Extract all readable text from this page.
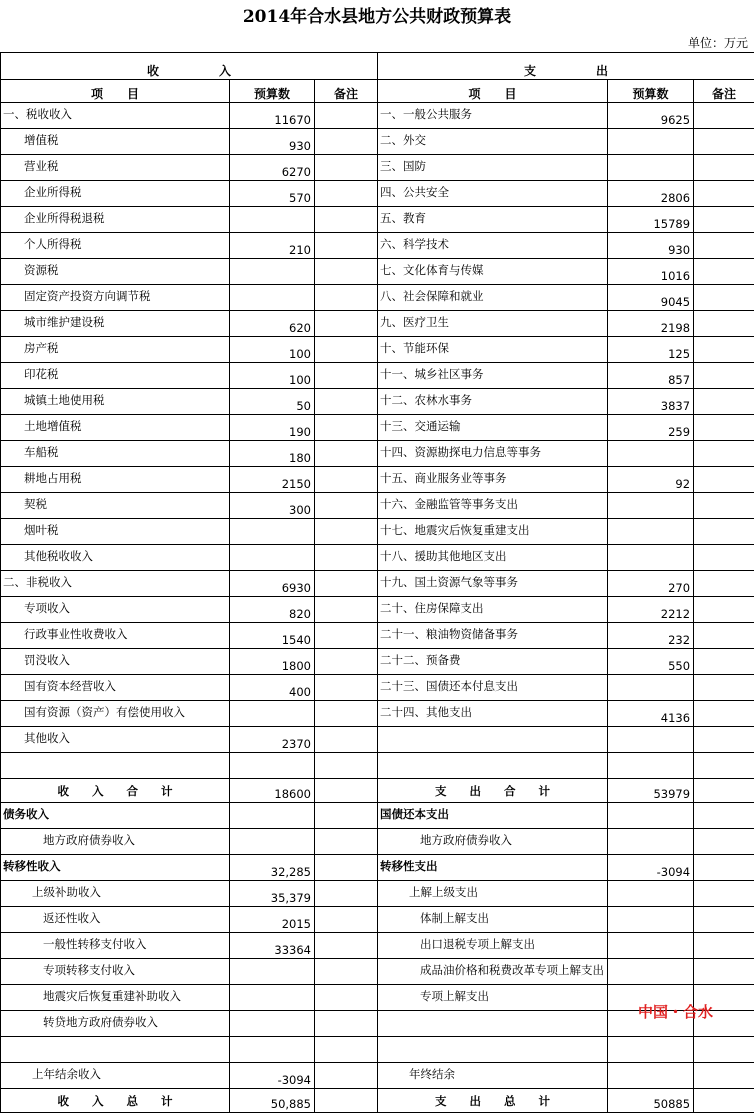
2014年合水县地方公共财政预算表
单位：万元
收　　　　　入			支　　　　　出		
项　　目	预算数	备注	项　　目	预算数	备注
一、税收收入	11670		一、一般公共服务	9625	
增值税	930		二、外交		
营业税	6270		三、国防		
企业所得税	570		四、公共安全	2806	
企业所得税退税			五、教育	15789	
个人所得税	210		六、科学技术	930	
资源税			七、文化体育与传媒	1016	
固定资产投资方向调节税			八、社会保障和就业	9045	
城市维护建设税	620		九、医疗卫生	2198	
房产税	100		十、节能环保	125	
印花税	100		十一、城乡社区事务	857	
城镇土地使用税	50		十二、农林水事务	3837	
土地增值税	190		十三、交通运输	259	
车船税	180		十四、资源勘探电力信息等事务		
耕地占用税	2150		十五、商业服务业等事务	92	
契税	300		十六、金融监管等事务支出		
烟叶税			十七、地震灾后恢复重建支出		
其他税收收入			十八、援助其他地区支出		
二、非税收入	6930		十九、国土资源气象等事务	270	
专项收入	820		二十、住房保障支出	2212	
行政事业性收费收入	1540		二十一、粮油物资储备事务	232	
罚没收入	1800		二十二、预备费	550	
国有资本经营收入	400		二十三、国债还本付息支出		
国有资源（资产）有偿使用收入			二十四、其他支出	4136	
其他收入	2370				

收　　入　　合　　计	18600		支　　出　　合　　计	53979	
债务收入			国债还本支出		
地方政府债券收入			地方政府债券收入		
转移性收入	32,285		转移性支出	-3094	
上级补助收入	35,379		上解上级支出		
返还性收入	2015		体制上解支出		
一般性转移支付收入	33364		出口退税专项上解支出		
专项转移支付收入			成品油价格和税费改革专项上解支出		
地震灾后恢复重建补助收入			专项上解支出		
转贷地方政府债券收入					

上年结余收入	-3094		年终结余		
收　　入　　总　　计	50,885		支　　出　　总　　计	50885	
中国・合水
